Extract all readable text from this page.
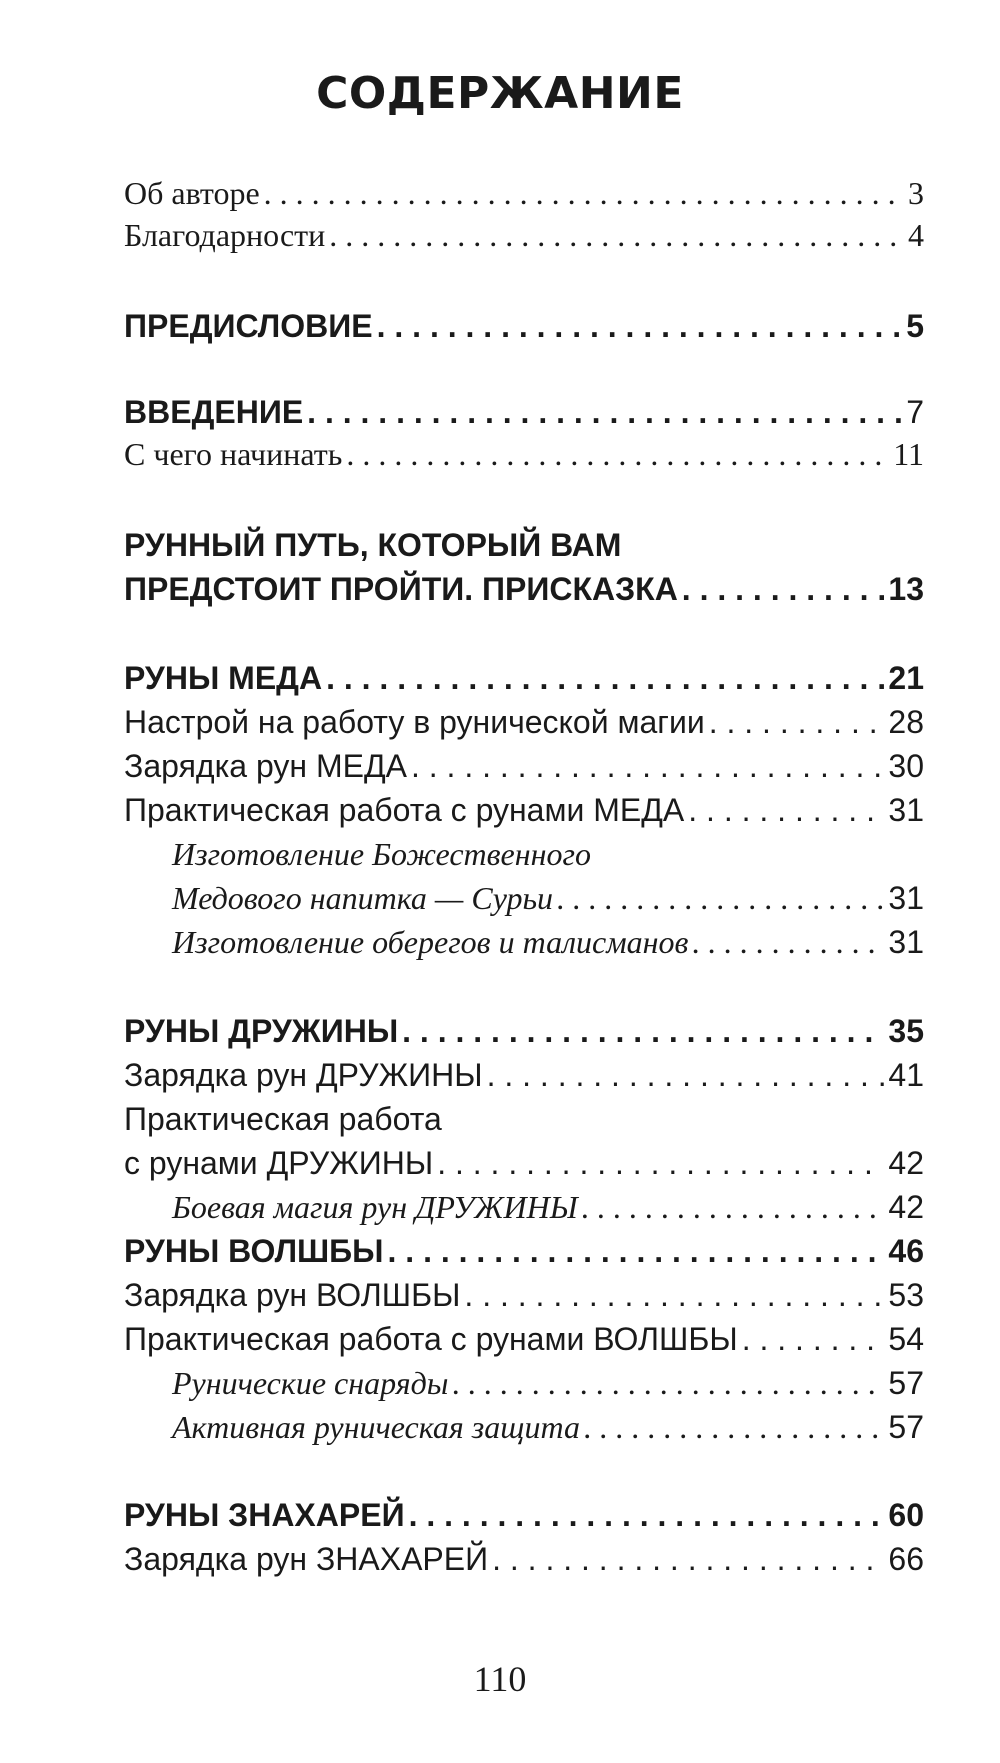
СОДЕРЖАНИЕ
Об авторе . . .	3
Благодарности . . .	4
ПРЕДИСЛОВИЕ . . .	5
ВВЕДЕНИЕ . . .	7
С чего начинать . . .	11
РУННЫЙ ПУТЬ, КОТОРЫЙ ВАМ
ПРЕДСТОИТ ПРОЙТИ. ПРИСКАЗКА . . .	13
РУНЫ МЕДА . . .	21
Настрой на работу в рунической магии . . .	28
Зарядка рун МЕДА . . .	30
Практическая работа с рунами МЕДА . . .	31
Изготовление Божественного
Медового напитка — Сурьи . . .	31
Изготовление оберегов и талисманов . . .	31
РУНЫ ДРУЖИНЫ . . .	35
Зарядка рун ДРУЖИНЫ . . .	41
Практическая работа
с рунами ДРУЖИНЫ . . .	42
Боевая магия рун ДРУЖИНЫ . . .	42
РУНЫ ВОЛШБЫ . . .	46
Зарядка рун ВОЛШБЫ . . .	53
Практическая работа с рунами ВОЛШБЫ . . .	54
Рунические снаряды . . .	57
Активная руническая защита . . .	57
РУНЫ ЗНАХАРЕЙ . . .	60
Зарядка рун ЗНАХАРЕЙ . . .	66
110
